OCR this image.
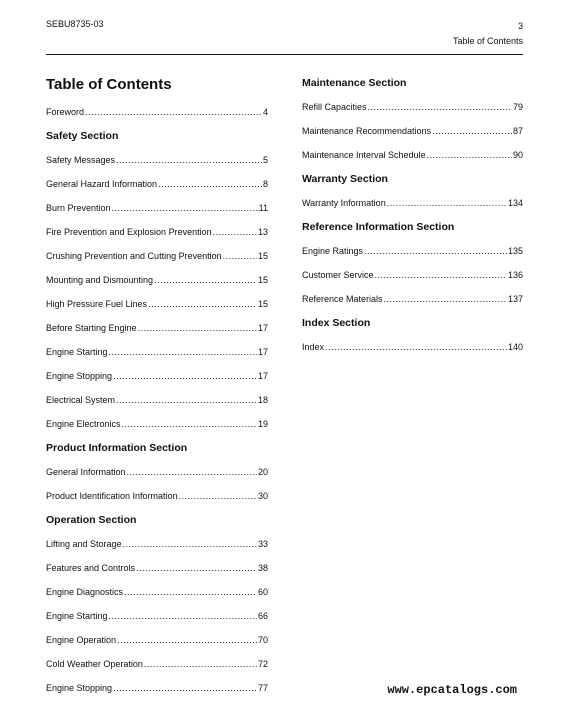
SEBU8735-03	3
Table of Contents
Table of Contents
Foreword .....	4
Safety Section
Safety Messages .....	5
General Hazard Information .....	8
Burn Prevention .....	11
Fire Prevention and Explosion Prevention .....	13
Crushing Prevention and Cutting Prevention .....	15
Mounting and Dismounting .....	15
High Pressure Fuel Lines .....	15
Before Starting Engine .....	17
Engine Starting .....	17
Engine Stopping .....	17
Electrical System .....	18
Engine Electronics .....	19
Product Information Section
General Information .....	20
Product Identification Information .....	30
Operation Section
Lifting and Storage .....	33
Features and Controls .....	38
Engine Diagnostics .....	60
Engine Starting .....	66
Engine Operation .....	70
Cold Weather Operation .....	72
Engine Stopping .....	77
Maintenance Section
Refill Capacities .....	79
Maintenance Recommendations .....	87
Maintenance Interval Schedule .....	90
Warranty Section
Warranty Information .....	134
Reference Information Section
Engine Ratings .....	135
Customer Service .....	136
Reference Materials .....	137
Index Section
Index .....	140
www.epcatalogs.com
